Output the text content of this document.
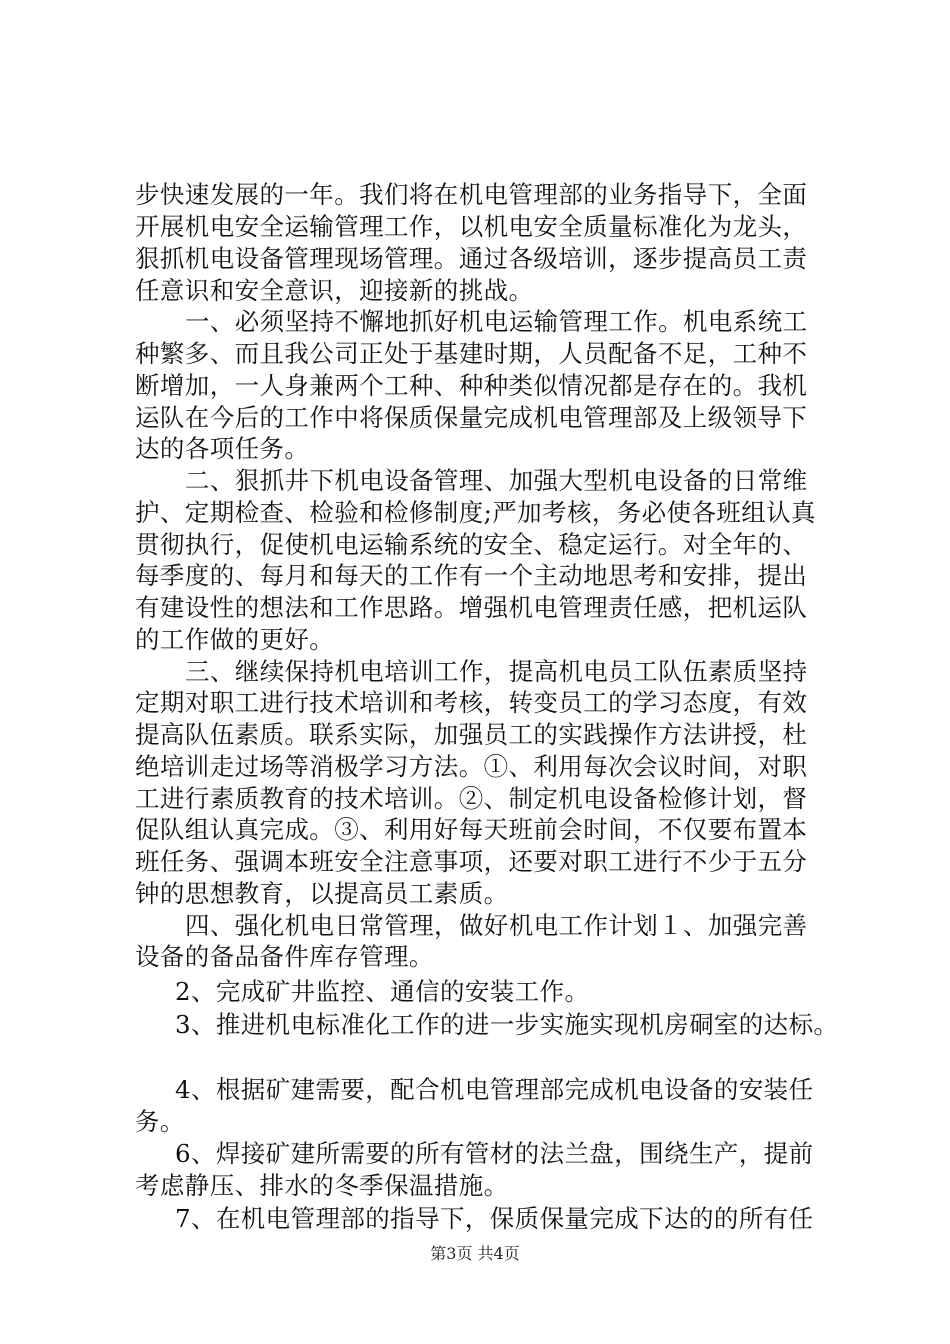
步快速发展的一年。我们将在机电管理部的业务指导下，全面
开展机电安全运输管理工作，以机电安全质量标准化为龙头，
狠抓机电设备管理现场管理。通过各级培训，逐步提高员工责
任意识和安全意识，迎接新的挑战。
一、必须坚持不懈地抓好机电运输管理工作。机电系统工
种繁多、而且我公司正处于基建时期，人员配备不足，工种不
断增加，一人身兼两个工种、种种类似情况都是存在的。我机
运队在今后的工作中将保质保量完成机电管理部及上级领导下
达的各项任务。
二、狠抓井下机电设备管理、加强大型机电设备的日常维
护、定期检查、检验和检修制度;严加考核，务必使各班组认真
贯彻执行，促使机电运输系统的安全、稳定运行。对全年的、
每季度的、每月和每天的工作有一个主动地思考和安排，提出
有建设性的想法和工作思路。增强机电管理责任感，把机运队
的工作做的更好。
三、继续保持机电培训工作，提高机电员工队伍素质坚持
定期对职工进行技术培训和考核，转变员工的学习态度，有效
提高队伍素质。联系实际，加强员工的实践操作方法讲授，杜
绝培训走过场等消极学习方法。①、利用每次会议时间，对职
工进行素质教育的技术培训。②、制定机电设备检修计划，督
促队组认真完成。③、利用好每天班前会时间，不仅要布置本
班任务、强调本班安全注意事项，还要对职工进行不少于五分
钟的思想教育，以提高员工素质。
四、强化机电日常管理，做好机电工作计划１、加强完善
设备的备品备件库存管理。
2、完成矿井监控、通信的安装工作。
3、推进机电标准化工作的进一步实施实现机房硐室的达标。
4、根据矿建需要，配合机电管理部完成机电设备的安装任
务。
6、焊接矿建所需要的所有管材的法兰盘，围绕生产，提前
考虑静压、排水的冬季保温措施。
7、在机电管理部的指导下，保质保量完成下达的的所有任
第3页 共4页
